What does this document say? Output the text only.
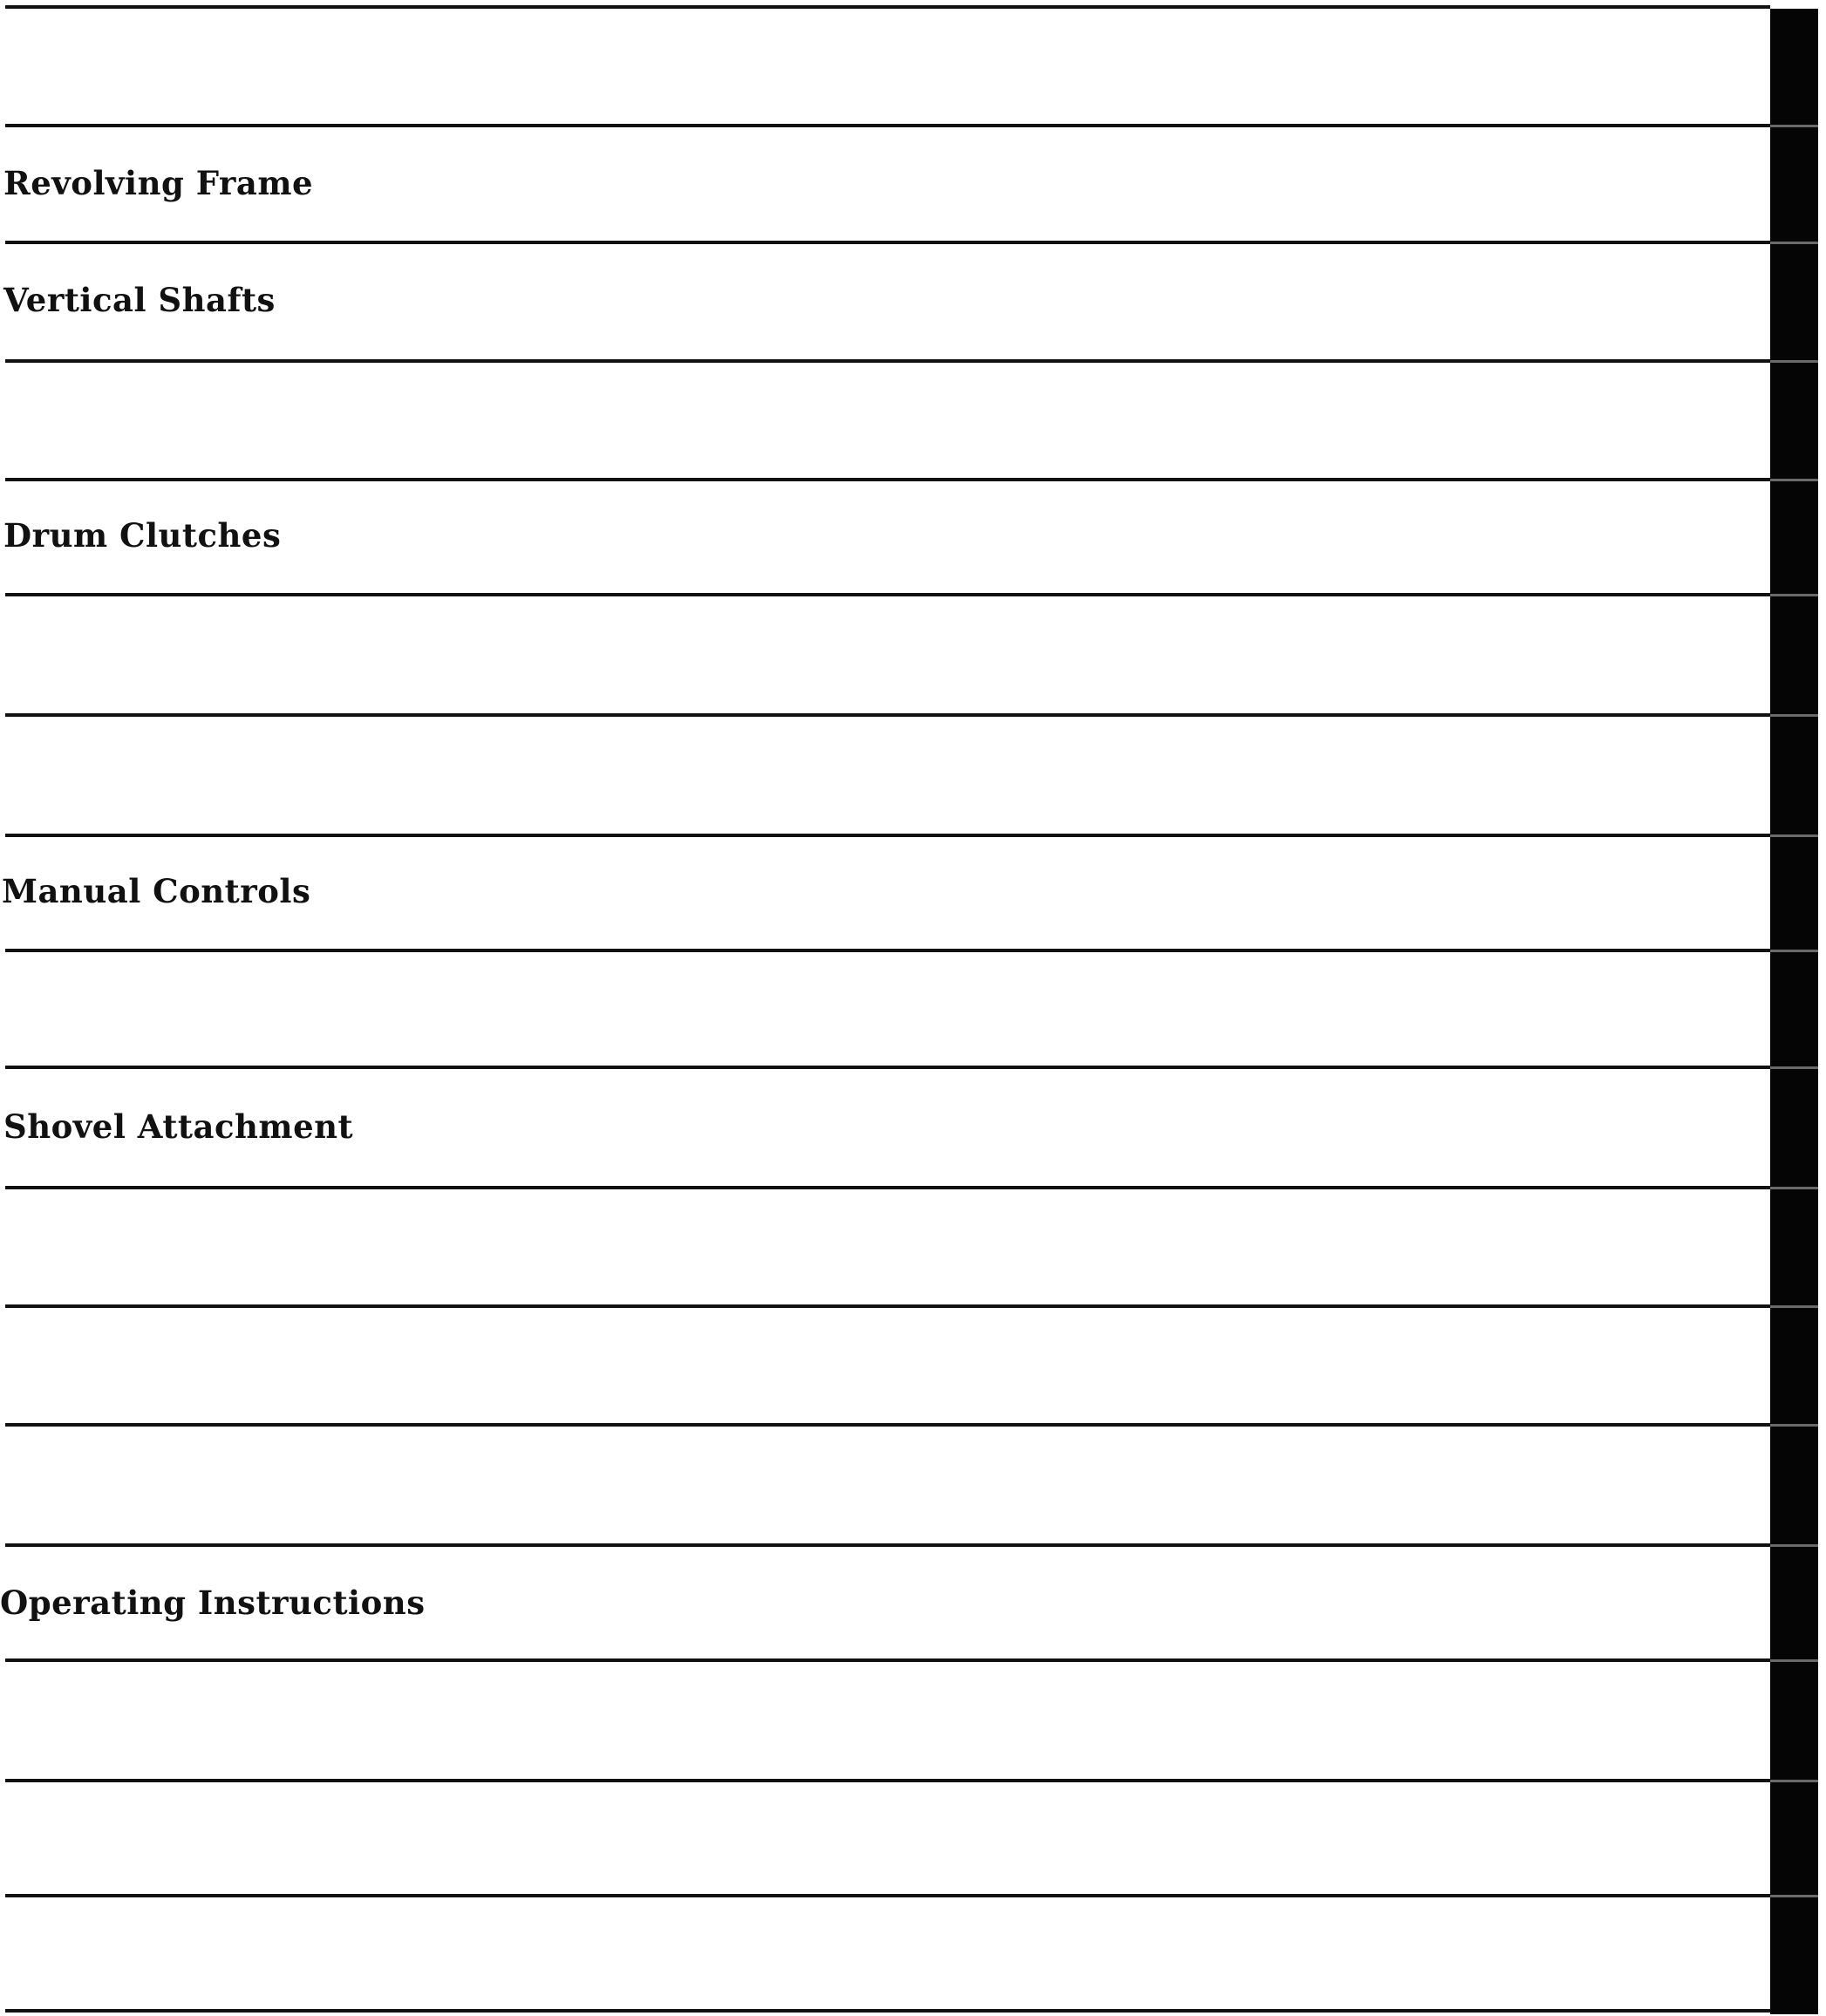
Revolving Frame
Vertical Shafts
Drum Clutches
Manual Controls
Shovel Attachment
Operating Instructions
